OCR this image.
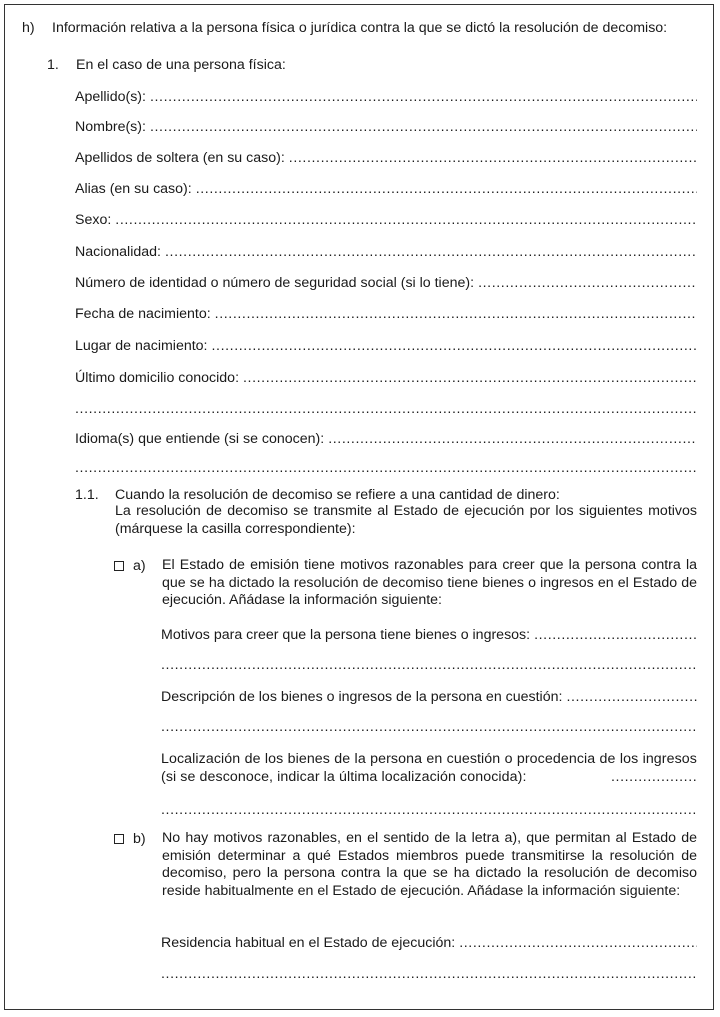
h) Información relativa a la persona física o jurídica contra la que se dictó la resolución de decomiso:
1. En el caso de una persona física:
Apellido(s):
.....
Nombre(s):
.....
Apellidos de soltera (en su caso):
.....
Alias (en su caso):
.....
Sexo:
.....
Nacionalidad:
.....
Número de identidad o número de seguridad social (si lo tiene):
.....
Fecha de nacimiento:
.....
Lugar de nacimiento:
.....
Último domicilio conocido:
.....
.....
Idioma(s) que entiende (si se conocen):
.....
.....
1.1. Cuando la resolución de decomiso se refiere a una cantidad de dinero:
La resolución de decomiso se transmite al Estado de ejecución por los siguientes motivos (márquese la casilla correspondiente):
a) El Estado de emisión tiene motivos razonables para creer que la persona contra la que se ha dictado la resolución de decomiso tiene bienes o ingresos en el Estado de ejecución. Añádase la información siguiente:
Motivos para creer que la persona tiene bienes o ingresos:
.....
.....
Descripción de los bienes o ingresos de la persona en cuestión:
.....
.....
Localización de los bienes de la persona en cuestión o procedencia de los ingresos (si se desconoce, indicar la última localización conocida):
.....
.....
b) No hay motivos razonables, en el sentido de la letra a), que permitan al Estado de emisión determinar a qué Estados miembros puede transmitirse la resolución de decomiso, pero la persona contra la que se ha dictado la resolución de decomiso reside habitualmente en el Estado de ejecución. Añádase la información siguiente:
Residencia habitual en el Estado de ejecución:
.....
.....
